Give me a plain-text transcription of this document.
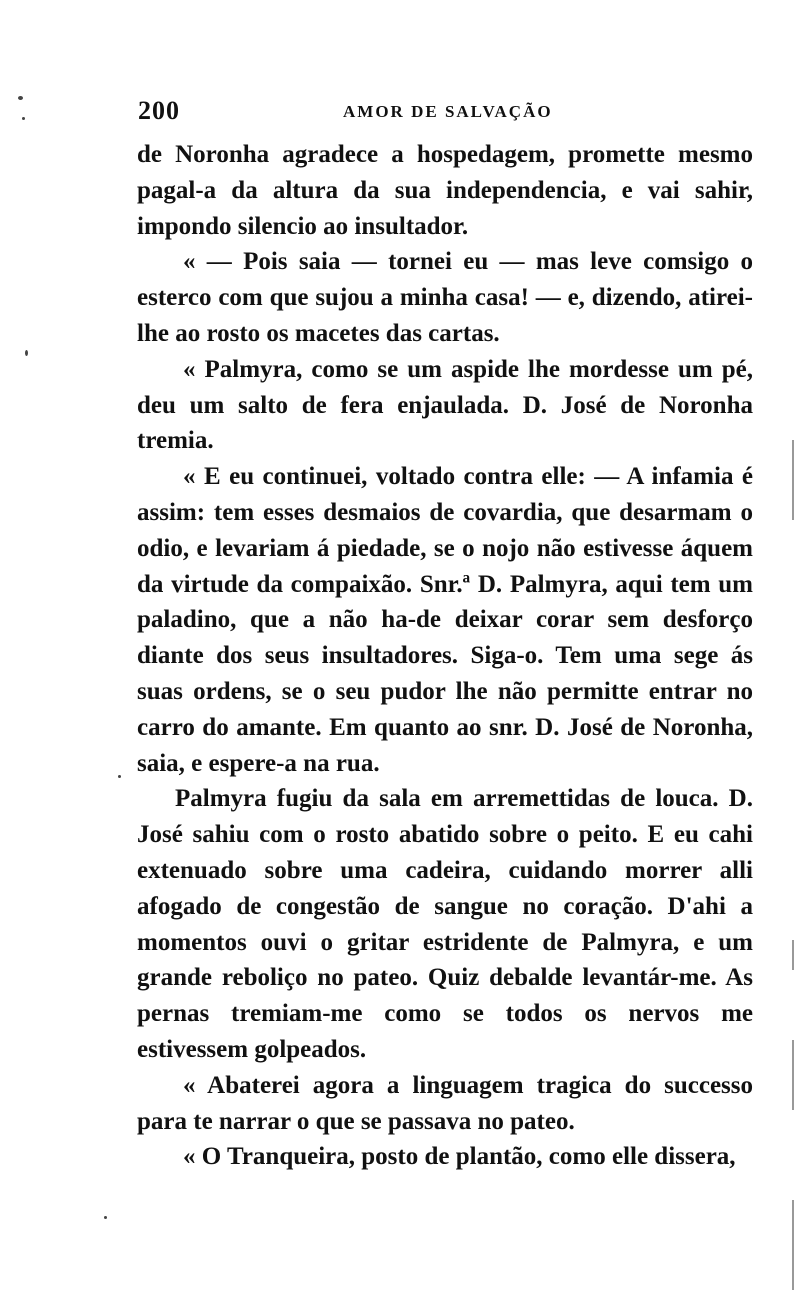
200	AMOR DE SALVAÇÃO

de Noronha agradece a hospedagem, promette mesmo pagal-a da altura da sua independencia, e vai sahir, impondo silencio ao insultador.

« — Pois saia — tornei eu — mas leve comsigo o esterco com que sujou a minha casa! — e, dizendo, atirei-lhe ao rosto os macetes das cartas.

« Palmyra, como se um aspide lhe mordesse um pé, deu um salto de fera enjaulada. D. José de Noronha tremia.

« E eu continuei, voltado contra elle: — A infamia é assim: tem esses desmaios de covardia, que desarmam o odio, e levariam á piedade, se o nojo não estivesse áquem da virtude da compaixão. Snr.ª D. Palmyra, aqui tem um paladino, que a não ha-de deixar corar sem desforço diante dos seus insultadores. Siga-o. Tem uma sege ás suas ordens, se o seu pudor lhe não permitte entrar no carro do amante. Em quanto ao snr. D. José de Noronha, saia, e espere-a na rua.

Palmyra fugiu da sala em arremettidas de louca. D. José sahiu com o rosto abatido sobre o peito. E eu cahi extenuado sobre uma cadeira, cuidando morrer alli afogado de congestão de sangue no coração. D'ahi a momentos ouvi o gritar estridente de Palmyra, e um grande reboliço no pateo. Quiz debalde levantár-me. As pernas tremiam-me como se todos os nervos me estivessem golpeados.

« Abaterei agora a linguagem tragica do successo para te narrar o que se passava no pateo.

« O Tranqueira, posto de plantão, como elle dissera,
